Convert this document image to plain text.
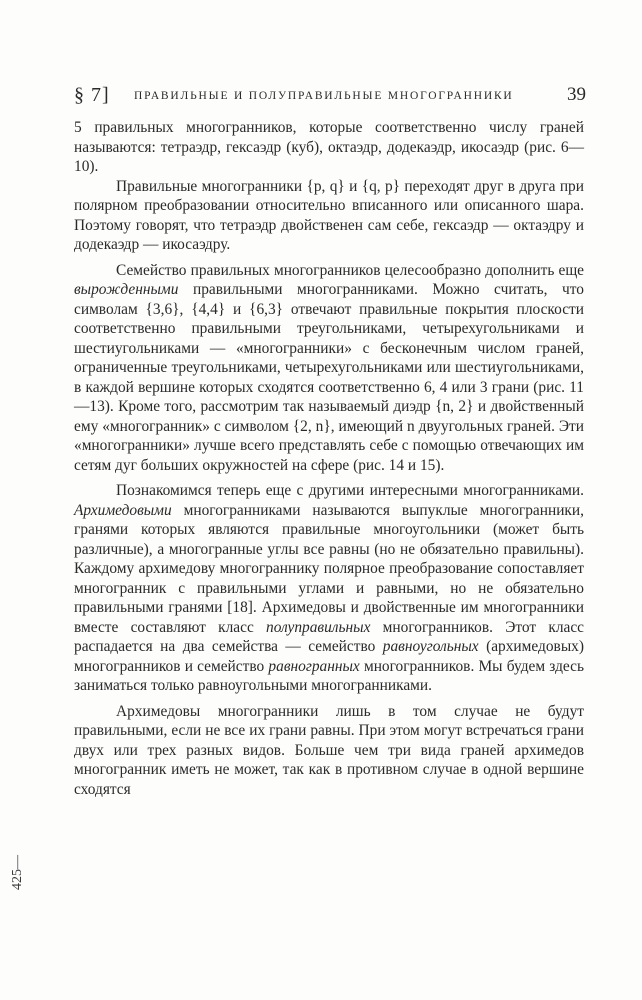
§ 7] ПРАВИЛЬНЫЕ И ПОЛУПРАВИЛЬНЫЕ МНОГОГРАННИКИ	39

5 правильных многогранников, которые соответственно числу граней называются: тетраэдр, гексаэдр (куб), октаэдр, додекаэдр, икосаэдр (рис. 6—10).

Правильные многогранники {p, q} и {q, p} переходят друг в друга при полярном преобразовании относительно вписанного или описанного шара. Поэтому говорят, что тетраэдр двойственен сам себе, гексаэдр — октаэдру и додекаэдр — икосаэдру.

Семейство правильных многогранников целесообразно дополнить еще вырожденными правильными многогранниками. Можно считать, что символам {3,6}, {4,4} и {6,3} отвечают правильные покрытия плоскости соответственно правильными треугольниками, четырехугольниками и шестиугольниками — «многогранники» с бесконечным числом граней, ограниченные треугольниками, четырехугольниками или шестиугольниками, в каждой вершине которых сходятся соответственно 6, 4 или 3 грани (рис. 11—13). Кроме того, рассмотрим так называемый диэдр {n, 2} и двойственный ему «многогранник» с символом {2, n}, имеющий n двуугольных граней. Эти «многогранники» лучше всего представлять себе с помощью отвечающих им сетям дуг больших окружностей на сфере (рис. 14 и 15).

Познакомимся теперь еще с другими интересными многогранниками. Архимедовыми многогранниками называются выпуклые многогранники, гранями которых являются правильные многоугольники (может быть различные), а многогранные углы все равны (но не обязательно правильны). Каждому архимедову многограннику полярное преобразование сопоставляет многогранник с правильными углами и равными, но не обязательно правильными гранями [18]. Архимедовы и двойственные им многогранники вместе составляют класс полуправильных многогранников. Этот класс распадается на два семейства — семейство равноугольных (архимедовых) многогранников и семейство равногранных многогранников. Мы будем здесь заниматься только равноугольными многогранниками.

Архимедовы многогранники лишь в том случае не будут правильными, если не все их грани равны. При этом могут встречаться грани двух или трех разных видов. Больше чем три вида граней архимедов многогранник иметь не может, так как в противном случае в одной вершине сходятся

425—
